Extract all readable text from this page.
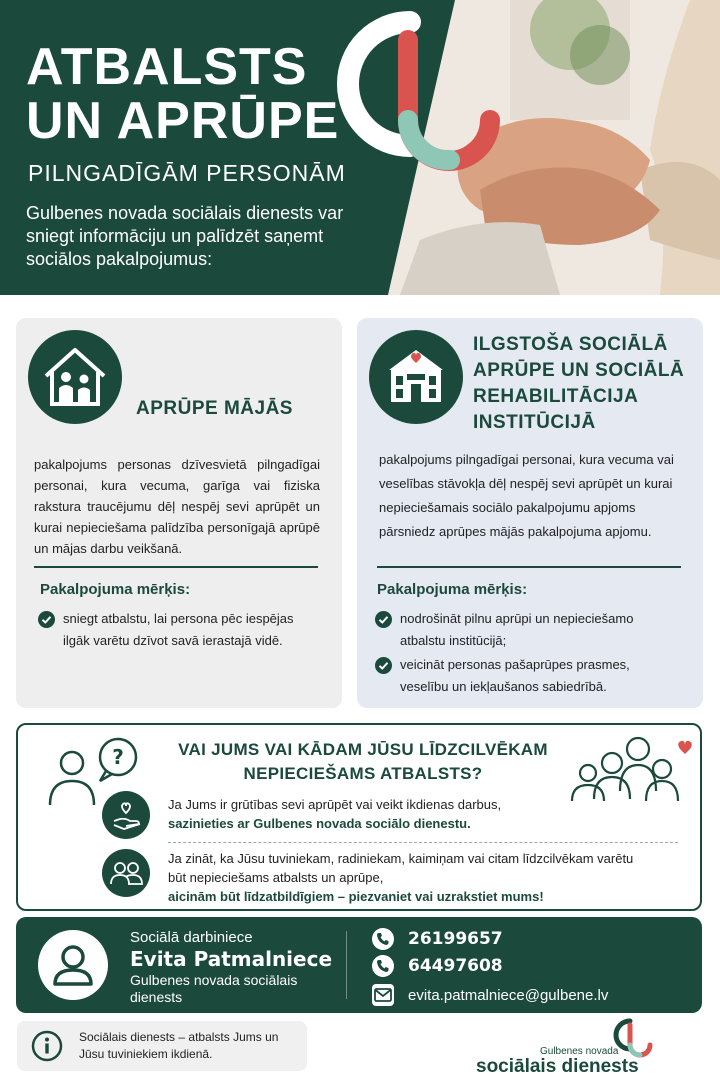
ATBALSTS
UN APRŪPE
PILNGADĪGĀM PERSONĀM
Gulbenes novada sociālais dienests var sniegt informāciju un palīdzēt saņemt sociālos pakalpojumus:
APRŪPE MĀJĀS
pakalpojums personas dzīvesvietā pilngadīgai personai, kura vecuma, garīga vai fiziska rakstura traucējumu dēļ nespēj sevi aprūpēt un kurai nepieciešama palīdzība personīgajā aprūpē un mājas darbu veikšanā.
Pakalpojuma mērķis:
sniegt atbalstu, lai persona pēc iespējas ilgāk varētu dzīvot savā ierastajā vidē.
ILGSTOŠA SOCIĀLĀ
APRŪPE UN SOCIĀLĀ
REHABILITĀCIJA
INSTITŪCIJĀ
pakalpojums pilngadīgai personai, kura vecuma vai veselības stāvokļa dēļ nespēj sevi aprūpēt un kurai nepieciešamais sociālo pakalpojumu apjoms pārsniedz aprūpes mājās pakalpojuma apjomu.
Pakalpojuma mērķis:
nodrošināt pilnu aprūpi un nepieciešamo atbalstu institūcijā;
veicināt personas pašaprūpes prasmes, veselību un iekļaušanos sabiedrībā.
?	VAI JUMS VAI KĀDAM JŪSU LĪDZCILVĒKAM
NEPIECIEŠAMS ATBALSTS?
Ja Jums ir grūtības sevi aprūpēt vai veikt ikdienas darbus,
sazinieties ar Gulbenes novada sociālo dienestu.
Ja zināt, ka Jūsu tuviniekam, radiniekam, kaimiņam vai citam līdzcilvēkam varētu būt nepieciešams atbalsts un aprūpe,
aicinām būt līdzatbildīgiem – piezvaniet vai uzrakstiet mums!
Sociālā darbiniece
Evita Patmalniece
Gulbenes novada sociālais dienests
26199657
64497608
evita.patmalniece@gulbene.lv
Sociālais dienests – atbalsts Jums un Jūsu tuviniekiem ikdienā.	Gulbenes novada
sociālais dienests
